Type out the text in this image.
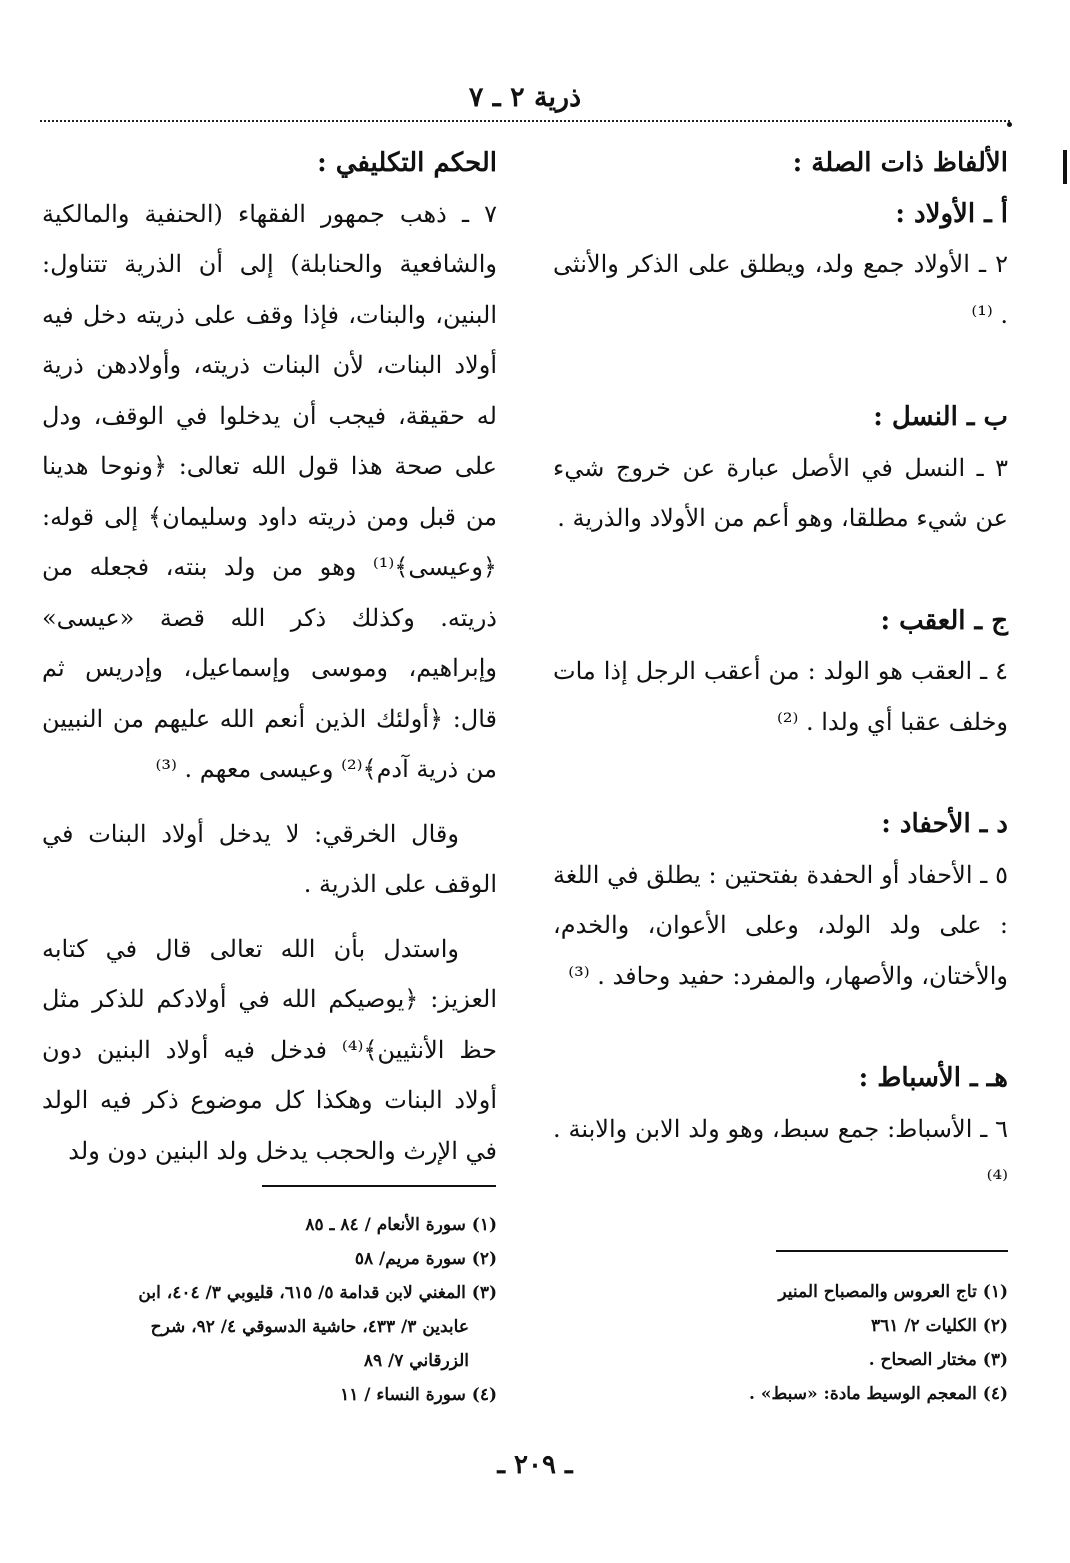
ذرية ٢ ـ ٧

الألفاظ ذات الصلة :

أ ـ الأولاد :

٢ ـ الأولاد جمع ولد، ويطلق على الذكر والأنثى . ⁽¹⁾

ب ـ النسل :

٣ ـ النسل في الأصل عبارة عن خروج شيء عن شيء مطلقا، وهو أعم من الأولاد والذرية .

ج ـ العقب :

٤ ـ العقب هو الولد : من أعقب الرجل إذا مات وخلف عقبا أي ولدا . ⁽²⁾

د ـ الأحفاد :

٥ ـ الأحفاد أو الحفدة بفتحتين : يطلق في اللغة : على ولد الولد، وعلى الأعوان، والخدم، والأختان، والأصهار، والمفرد: حفيد وحافد . ⁽³⁾

هـ ـ الأسباط :

٦ ـ الأسباط: جمع سبط، وهو ولد الابن والابنة . ⁽⁴⁾

الحكم التكليفي :

٧ ـ ذهب جمهور الفقهاء (الحنفية والمالكية والشافعية والحنابلة) إلى أن الذرية تتناول: البنين، والبنات، فإذا وقف على ذريته دخل فيه أولاد البنات، لأن البنات ذريته، وأولادهن ذرية له حقيقة، فيجب أن يدخلوا في الوقف، ودل على صحة هذا قول الله تعالى: ﴿ونوحا هدينا من قبل ومن ذريته داود وسليمان﴾ إلى قوله: ﴿وعيسى﴾⁽¹⁾ وهو من ولد بنته، فجعله من ذريته. وكذلك ذكر الله قصة «عيسى» وإبراهيم، وموسى وإسماعيل، وإدريس ثم قال: ﴿أولئك الذين أنعم الله عليهم من النبيين من ذرية آدم﴾⁽²⁾ وعيسى معهم . ⁽³⁾

وقال الخرقي: لا يدخل أولاد البنات في الوقف على الذرية .

واستدل بأن الله تعالى قال في كتابه العزيز: ﴿يوصيكم الله في أولادكم للذكر مثل حظ الأنثيين﴾⁽⁴⁾ فدخل فيه أولاد البنين دون أولاد البنات وهكذا كل موضوع ذكر فيه الولد في الإرث والحجب يدخل ولد البنين دون ولد

(١) تاج العروس والمصباح المنير

(٢) الكليات ٢/ ٣٦١

(٣) مختار الصحاح .

(٤) المعجم الوسيط مادة: «سبط» .

(١) سورة الأنعام / ٨٤ ـ ٨٥

(٢) سورة مريم/ ٥٨

(٣) المغني لابن قدامة ٥/ ٦١٥، قليوبي ٣/ ٤٠٤، ابن

عابدين ٣/ ٤٣٣، حاشية الدسوقي ٤/ ٩٢، شرح

الزرقاني ٧/ ٨٩

(٤) سورة النساء / ١١

ـ ٢٠٩ ـ
